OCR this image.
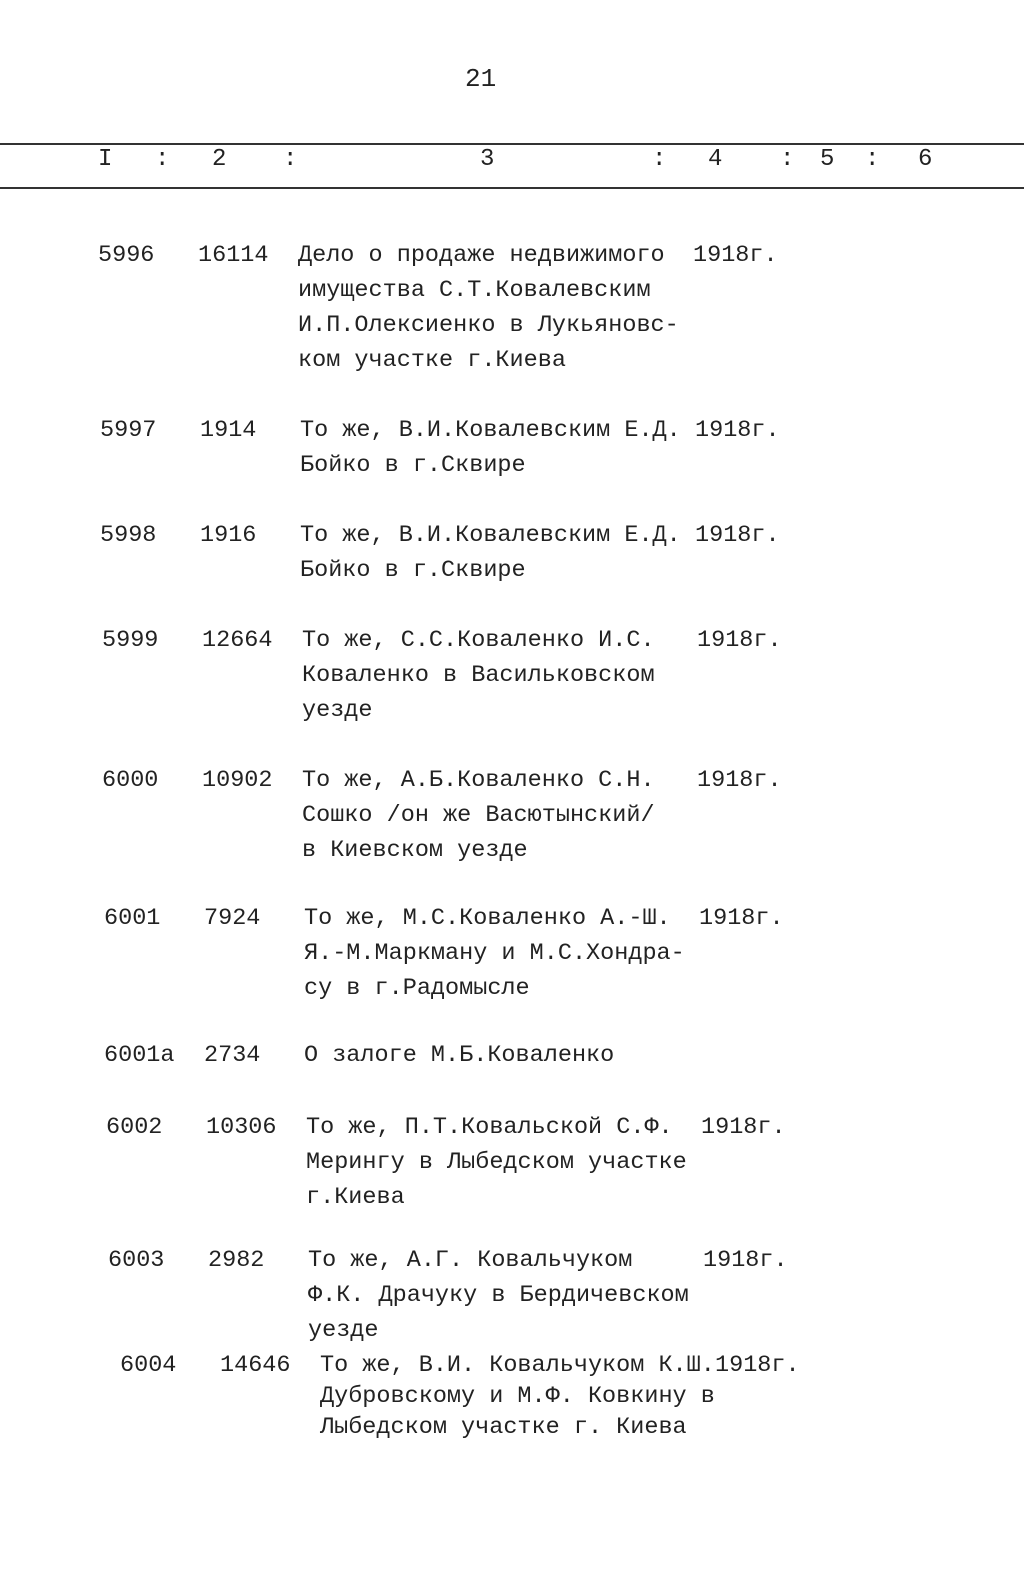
21
I : 2 :	3	: 4 : 5 : 6
5996 16114 Дело о продаже недвижимого
имущества С.Т.Ковалевским
И.П.Олексиенко в Лукьяновс-
ком участке г.Киева
1918г.
5997 1914 То же, В.И.Ковалевским Е.Д.
Бойко в г.Сквире
1918г.
5998 1916 То же, В.И.Ковалевским Е.Д.
Бойко в г.Сквире
1918г.
5999 12664 То же, С.С.Коваленко И.С.
Коваленко в Васильковском
уезде
1918г.
6000 10902 То же, А.Б.Коваленко С.Н.
Сошко /он же Васютынский/
в Киевском уезде
1918г.
6001 7924 То же, М.С.Коваленко А.-Ш.
Я.-М.Маркману и М.С.Хондра-
су в г.Радомысле
1918г.
6001а 2734 О залоге М.Б.Коваленко
6002 10306 То же, П.Т.Ковальской С.Ф.
Мерингу в Лыбедском участке
г.Киева
1918г.
6003 2982 То же, А.Г. Ковальчуком
Ф.К. Драчуку в Бердичевском
уезде
1918г.
6004 14646 То же, В.И. Ковальчуком К.Ш.
Дубровскому и М.Ф. Ковкину в
Лыбедском участке г. Киева
1918г.
